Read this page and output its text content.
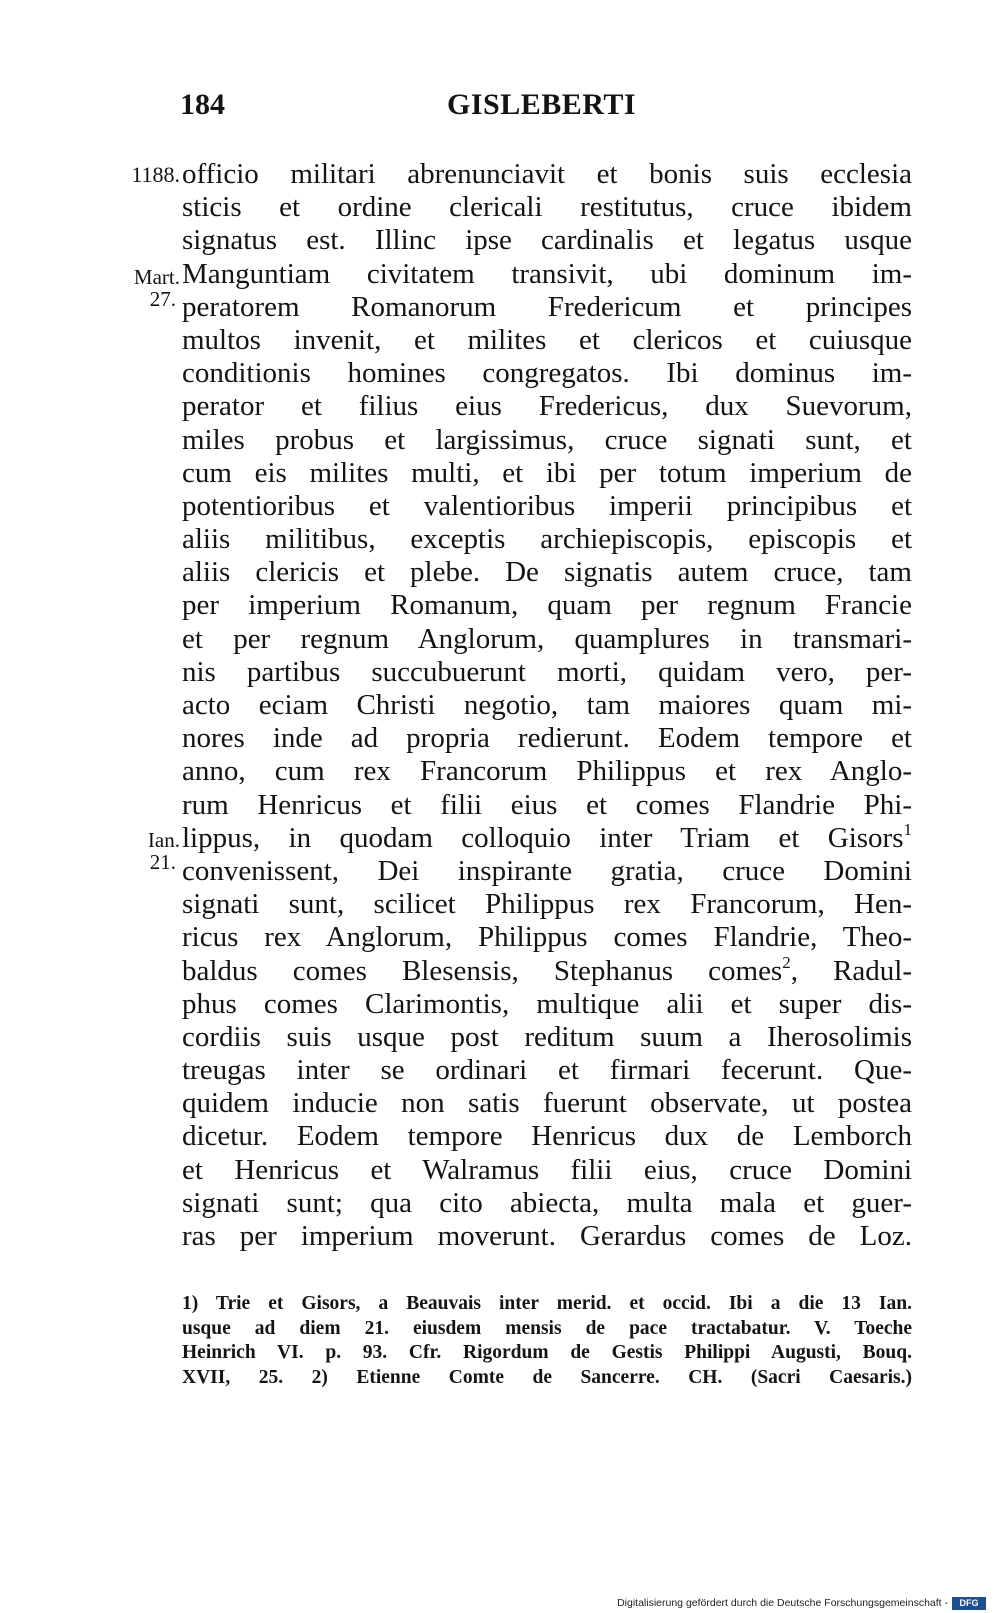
184	GISLEBERTI
1188.
Mart.
27.
Ian.
21.
officio militari abrenunciavit et bonis suis ecclesia
sticis et ordine clericali restitutus, cruce ibidem
signatus est. Illinc ipse cardinalis et legatus usque
Manguntiam civitatem transivit, ubi dominum im-
peratorem Romanorum Fredericum et principes
multos invenit, et milites et clericos et cuiusque
conditionis homines congregatos. Ibi dominus im-
perator et filius eius Fredericus, dux Suevorum,
miles probus et largissimus, cruce signati sunt, et
cum eis milites multi, et ibi per totum imperium de
potentioribus et valentioribus imperii principibus et
aliis militibus, exceptis archiepiscopis, episcopis et
aliis clericis et plebe. De signatis autem cruce, tam
per imperium Romanum, quam per regnum Francie
et per regnum Anglorum, quamplures in transmari-
nis partibus succubuerunt morti, quidam vero, per-
acto eciam Christi negotio, tam maiores quam mi-
nores inde ad propria redierunt. Eodem tempore et
anno, cum rex Francorum Philippus et rex Anglo-
rum Henricus et filii eius et comes Flandrie Phi-
lippus, in quodam colloquio inter Triam et Gisors$^1$
convenissent, Dei inspirante gratia, cruce Domini
signati sunt, scilicet Philippus rex Francorum, Hen-
ricus rex Anglorum, Philippus comes Flandrie, Theo-
baldus comes Blesensis, Stephanus comes$^2$, Radul-
phus comes Clarimontis, multique alii et super dis-
cordiis suis usque post reditum suum a Iherosolimis
treugas inter se ordinari et firmari fecerunt. Que-
quidem inducie non satis fuerunt observate, ut postea
dicetur. Eodem tempore Henricus dux de Lemborch
et Henricus et Walramus filii eius, cruce Domini
signati sunt; qua cito abiecta, multa mala et guer-
ras per imperium moverunt. Gerardus comes de Loz.
1) Trie et Gisors, a Beauvais inter merid. et occid. Ibi a die 13 Ian.
usque ad diem 21. eiusdem mensis de pace tractabatur. V. Toeche
Heinrich VI. p. 93. Cfr. Rigordum de Gestis Philippi Augusti, Bouq.
XVII, 25. 2) Etienne Comte de Sancerre. CH. (Sacri Caesaris.)
Digitalisierung gefördert durch die Deutsche Forschungsgemeinschaft -	DFG
